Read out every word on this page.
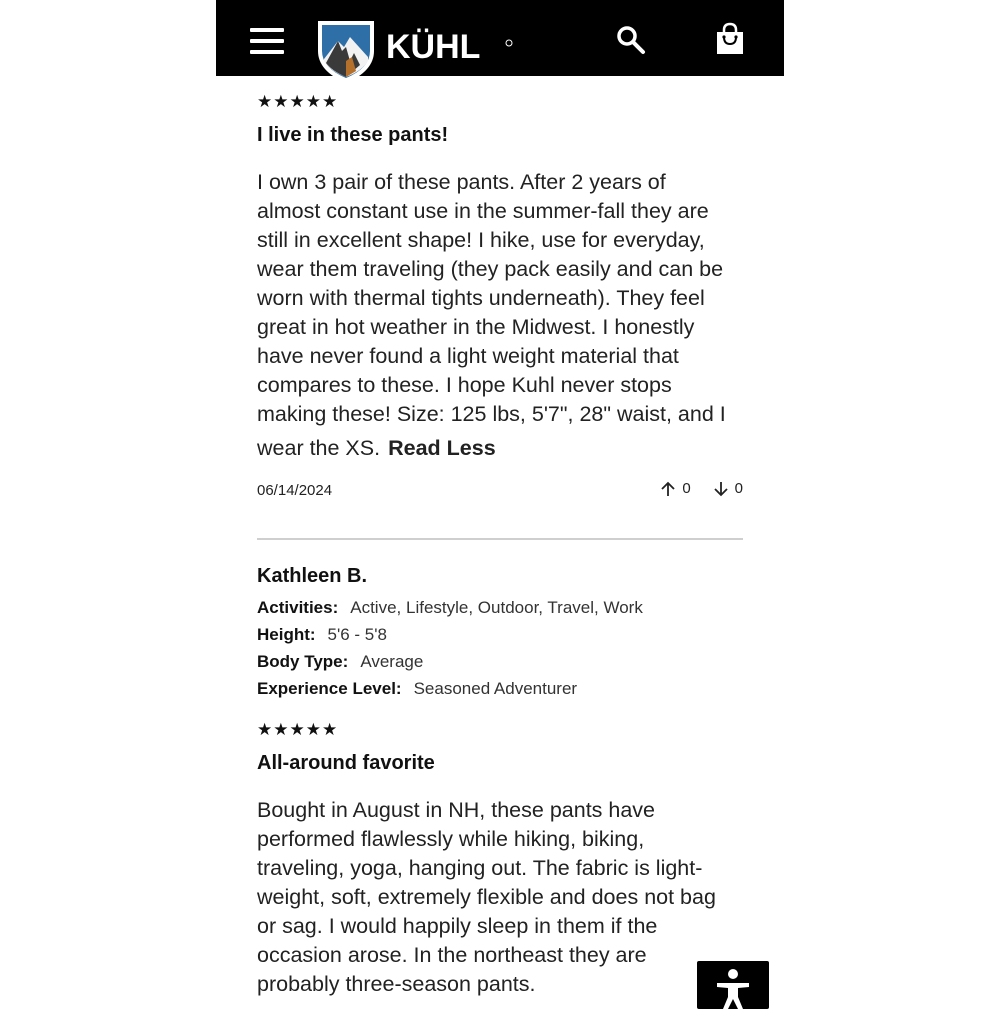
KÜHL
★★★★★
I live in these pants!
I own 3 pair of these pants. After 2 years of
almost constant use in the summer-fall they are
still in excellent shape! I hike, use for everyday,
wear them traveling (they pack easily and can be
worn with thermal tights underneath). They feel
great in hot weather in the Midwest. I honestly
have never found a light weight material that
compares to these. I hope Kuhl never stops
making these! Size: 125 lbs, 5'7", 28" waist, and I
wear the XS. Read Less
06/14/2024	0	0
Kathleen B.
Activities: Active, Lifestyle, Outdoor, Travel, Work
Height: 5'6 - 5'8
Body Type: Average
Experience Level: Seasoned Adventurer
★★★★★
All-around favorite
Bought in August in NH, these pants have
performed flawlessly while hiking, biking,
traveling, yoga, hanging out. The fabric is light-
weight, soft, extremely flexible and does not bag
or sag. I would happily sleep in them if the
occasion arose. In the northeast they are
probably three-season pants.
